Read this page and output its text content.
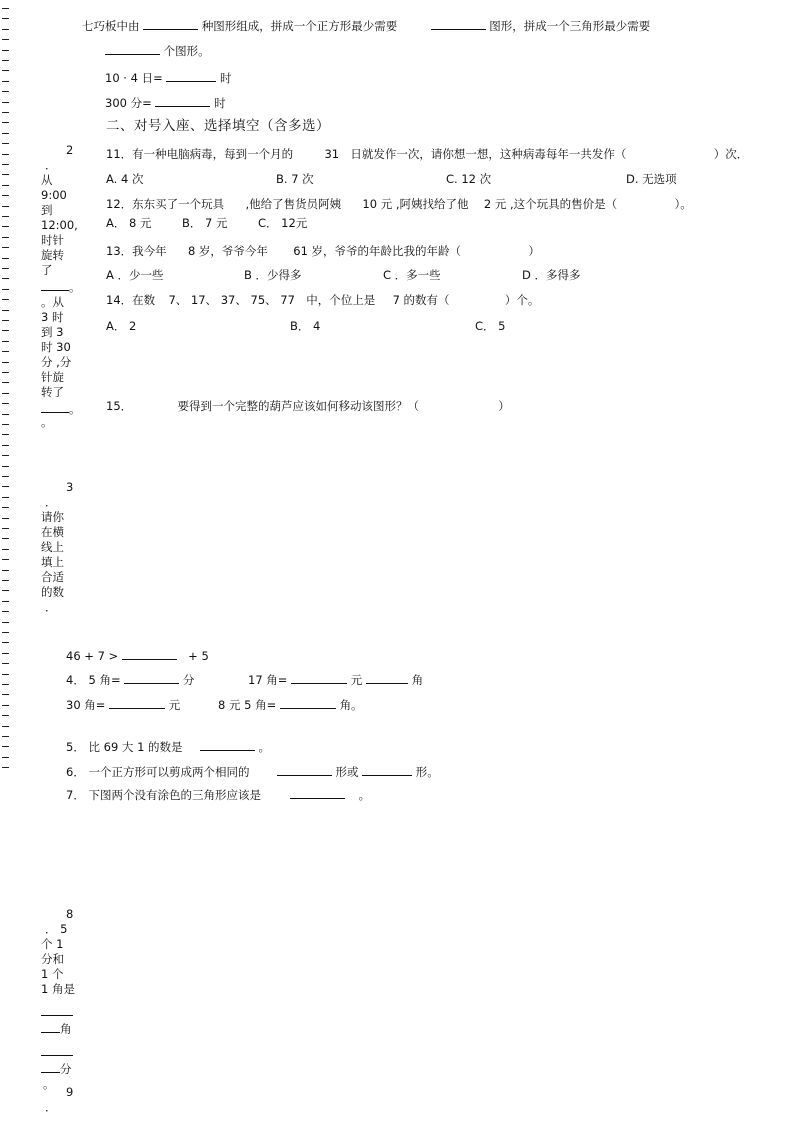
七巧板中由	种图形组成，拼成一个正方形最少需要	图形，拼成一个三角形最少需要
个图形。
10 · 4 日=	时
300 分=	时
二、对号入座、选择填空（含多选）
11．有一种电脑病毒，每到一个月的	31 日就发作一次，请你想一想，这种病毒每年一共发作（	）次．
A. 4 次	B. 7 次	C. 12 次	D. 无选项
12．东东买了一个玩具 ,他给了售货员阿姨 10 元 ,阿姨找给了他 2 元 ,这个玩具的售价是（	）。
A． 8 元	B． 7 元	C． 12元
13．我今年 8 岁，爷爷今年 61 岁，爷爷的年龄比我的年龄（	）
A ．少一些	B ．少得多	C ．多一些	D ．多得多
14．在数 7、 17、 37、 75、 77 中，个位上是 7 的数有（	）个。
A． 2	B． 4	C． 5
15．	要得到一个完整的葫芦应该如何移动该图形？（	）
2
．
从
9:00
到
12:00,
时针
旋转
了
。
。从
3 时
到 3
时 30
分 ,分
针旋
转了
。
。
3
．
请你
在横
线上
填上
合适
的数
．
46 + 7 >	+ 5
4． 5 角=	分	17 角=	元	角
30 角=	元	8 元 5 角=	角。
5． 比 69 大 1 的数是	。
6． 一个正方形可以剪成两个相同的	形或	形。
7． 下图两个没有涂色的三角形应该是	。
8
． 5
个 1
分和
1 个
1 角是
角
分
。
9
．
